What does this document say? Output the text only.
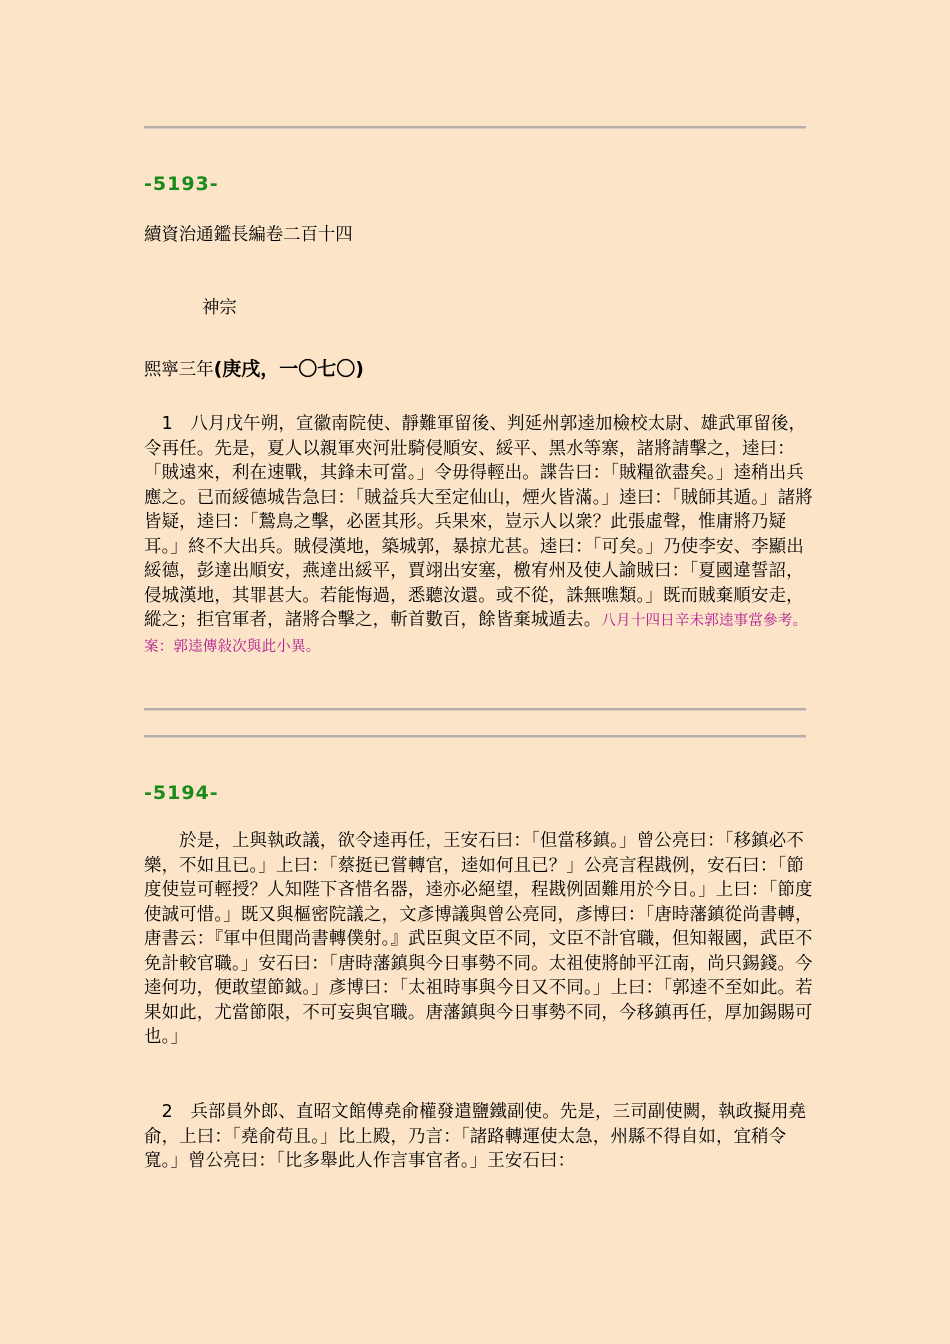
-5193-
續資治通鑑長編卷二百十四
神宗
熙寧三年(庚戌，一〇七〇)
　1　八月戊午朔，宣徽南院使、靜難軍留後、判延州郭逵加檢校太尉、雄武軍留後，令再任。先是，夏人以親軍夾河壯騎侵順安、綏平、黑水等寨，諸將請擊之，逵曰：「賊遠來，利在速戰，其鋒未可當。」令毋得輕出。諜告曰：「賊糧欲盡矣。」逵稍出兵應之。已而綏德城告急曰：「賊益兵大至定仙山，煙火皆滿。」逵曰：「賊師其遁。」諸將皆疑，逵曰：「鷙鳥之擊，必匿其形。兵果來，豈示人以衆？此張虛聲，惟庸將乃疑耳。」終不大出兵。賊侵漢地，築城郭，暴掠尤甚。逵曰：「可矣。」乃使李安、李顯出綏德，彭達出順安，燕達出綏平，賈翊出安塞，檄宥州及使人諭賊曰：「夏國違誓詔，侵城漢地，其罪甚大。若能悔過，悉聽汝還。或不從，誅無噍類。」既而賊棄順安走，縱之；拒官軍者，諸將合擊之，斬首數百，餘皆棄城遁去。八月十四日辛未郭逵事當參考。案：郭逵傳敍次與此小異。
-5194-
　　於是，上與執政議，欲令逵再任，王安石曰：「但當移鎮。」曾公亮曰：「移鎮必不樂，不如且已。」上曰：「蔡挺已嘗轉官，逵如何且已？」公亮言程戡例，安石曰：「節度使豈可輕授？人知陛下吝惜名器，逵亦必絕望，程戡例固難用於今日。」上曰：「節度使誠可惜。」既又與樞密院議之，文彥博議與曾公亮同，彥博曰：「唐時藩鎮從尚書轉，唐書云：『軍中但聞尚書轉僕射。』武臣與文臣不同，文臣不計官職，但知報國，武臣不免計較官職。」安石曰：「唐時藩鎮與今日事勢不同。太祖使將帥平江南，尚只錫錢。今逵何功，便敢望節鉞。」彥博曰：「太祖時事與今日又不同。」上曰：「郭逵不至如此。若果如此，尤當節限，不可妄與官職。唐藩鎮與今日事勢不同，今移鎮再任，厚加錫賜可也。」
　2　兵部員外郎、直昭文館傅堯俞權發遣鹽鐵副使。先是，三司副使闕，執政擬用堯俞，上曰：「堯俞苟且。」比上殿，乃言：「諸路轉運使太急，州縣不得自如，宜稍令寬。」曾公亮曰：「比多舉此人作言事官者。」王安石曰：
